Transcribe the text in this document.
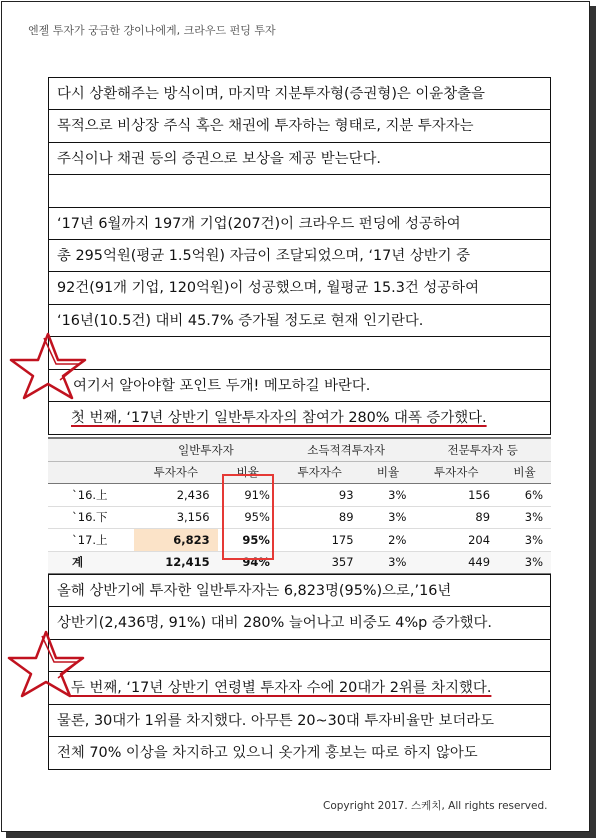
엔젤 투자가 궁금한 걍이나에게, 크라우드 펀딩 투자
다시 상환해주는 방식이며, 마지막 지분투자형(증권형)은 이윤창출을
목적으로 비상장 주식 혹은 채권에 투자하는 형태로, 지분 투자자는
주식이나 채권 등의 증권으로 보상을 제공 받는단다.
‘17년 6월까지 197개 기업(207건)이 크라우드 펀딩에 성공하여
총 295억원(평균 1.5억원) 자금이 조달되었으며, ‘17년 상반기 중
92건(91개 기업, 120억원)이 성공했으며, 월평균 15.3건 성공하여
‘16년(10.5건) 대비 45.7% 증가될 정도로 현재 인기란다.
여기서 알아야할 포인트 두개! 메모하길 바란다.
첫 번째, ‘17년 상반기 일반투자자의 참여가 280% 대폭 증가했다.
	일반투자자		소득적격투자자		전문투자자 등	
	투자자수	비율	투자자수	비율	투자자수	비율
`16.上	2,436	91%	93	3%	156	6%
`16.下	3,156	95%	89	3%	89	3%
`17.上	6,823	95%	175	2%	204	3%
계	12,415	94%	357	3%	449	3%
올해 상반기에 투자한 일반투자자는 6,823명(95%)으로,’16년
상반기(2,436명, 91%) 대비 280% 늘어나고 비중도 4%p 증가했다.
두 번째, ‘17년 상반기 연령별 투자자 수에 20대가 2위를 차지했다.
물론, 30대가 1위를 차지했다. 아무튼 20~30대 투자비율만 보더라도
전체 70% 이상을 차지하고 있으니 옷가게 홍보는 따로 하지 않아도
Copyright 2017. 스케치, All rights reserved.
